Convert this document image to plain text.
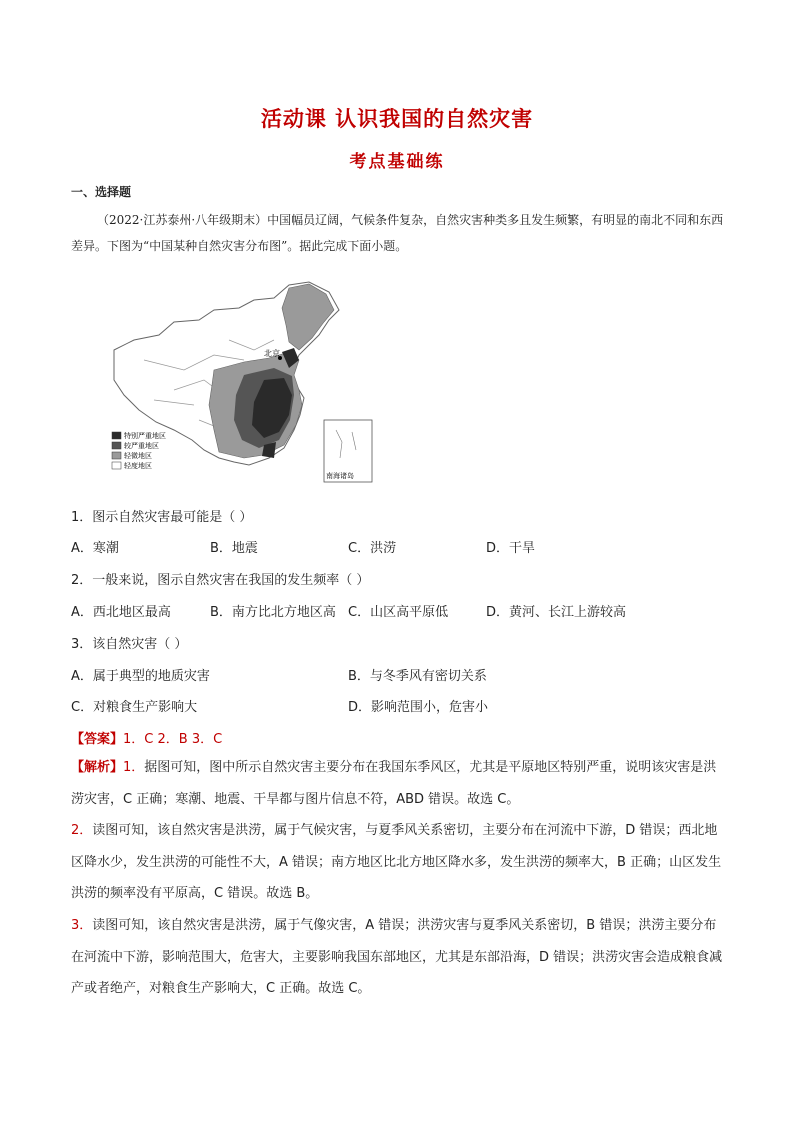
活动课 认识我国的自然灾害
考点基础练
一、选择题
（2022·江苏泰州·八年级期末）中国幅员辽阔，气候条件复杂，自然灾害种类多且发生频繁，有明显的南北不同和东西差异。下图为“中国某种自然灾害分布图”。据此完成下面小题。
北京
南海诸岛
特别严重地区
较严重地区
轻微地区
轻度地区
1．图示自然灾害最可能是（ ）
A．寒潮	B．地震	C．洪涝	D．干旱
2．一般来说，图示自然灾害在我国的发生频率（ ）
A．西北地区最高	B．南方比北方地区高 C．山区高平原低	D．黄河、长江上游较高
3．该自然灾害（ ）
A．属于典型的地质灾害	B．与冬季风有密切关系
C．对粮食生产影响大	D．影响范围小，危害小
【答案】1．C 2．B 3．C
【解析】1．据图可知，图中所示自然灾害主要分布在我国东季风区，尤其是平原地区特别严重，说明该灾害是洪涝灾害，C 正确；寒潮、地震、干旱都与图片信息不符，ABD 错误。故选 C。
2．读图可知，该自然灾害是洪涝，属于气候灾害，与夏季风关系密切，主要分布在河流中下游，D 错误；西北地区降水少，发生洪涝的可能性不大，A 错误；南方地区比北方地区降水多，发生洪涝的频率大，B 正确；山区发生洪涝的频率没有平原高，C 错误。故选 B。
3．读图可知，该自然灾害是洪涝，属于气像灾害，A 错误；洪涝灾害与夏季风关系密切，B 错误；洪涝主要分布在河流中下游，影响范围大，危害大，主要影响我国东部地区，尤其是东部沿海，D 错误；洪涝灾害会造成粮食减产或者绝产，对粮食生产影响大，C 正确。故选 C。
